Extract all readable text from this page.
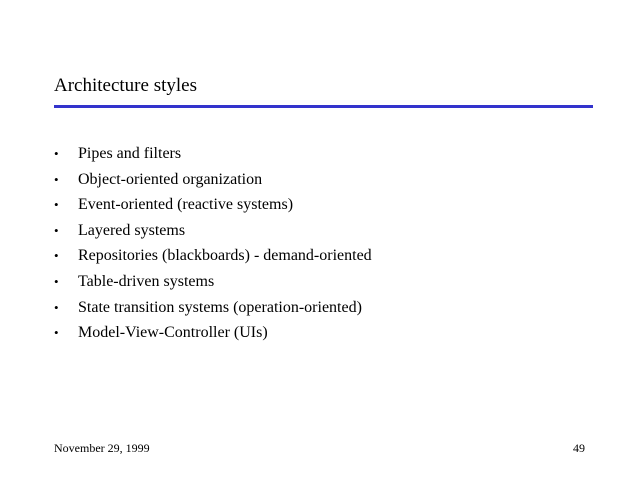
Architecture styles
• Pipes and filters
• Object-oriented organization
• Event-oriented (reactive systems)
• Layered systems
• Repositories (blackboards) - demand-oriented
• Table-driven systems
• State transition systems (operation-oriented)
• Model-View-Controller (UIs)
November 29, 1999	49
